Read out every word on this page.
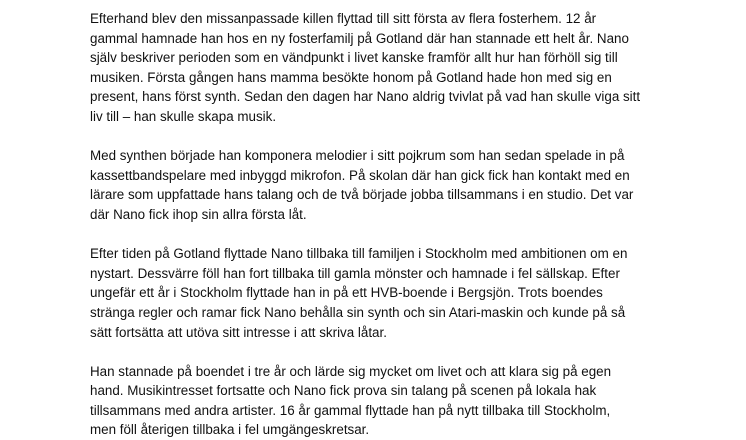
Efterhand blev den missanpassade killen flyttad till sitt första av flera fosterhem. 12 år
gammal hamnade han hos en ny fosterfamilj på Gotland där han stannade ett helt år. Nano
själv beskriver perioden som en vändpunkt i livet kanske framför allt hur han förhöll sig till
musiken. Första gången hans mamma besökte honom på Gotland hade hon med sig en
present, hans först synth. Sedan den dagen har Nano aldrig tvivlat på vad han skulle viga sitt
liv till – han skulle skapa musik.

Med synthen började han komponera melodier i sitt pojkrum som han sedan spelade in på
kassettbandspelare med inbyggd mikrofon. På skolan där han gick fick han kontakt med en
lärare som uppfattade hans talang och de två började jobba tillsammans i en studio. Det var
där Nano fick ihop sin allra första låt.

Efter tiden på Gotland flyttade Nano tillbaka till familjen i Stockholm med ambitionen om en
nystart. Dessvärre föll han fort tillbaka till gamla mönster och hamnade i fel sällskap. Efter
ungefär ett år i Stockholm flyttade han in på ett HVB-boende i Bergsjön. Trots boendes
stränga regler och ramar fick Nano behålla sin synth och sin Atari-maskin och kunde på så
sätt fortsätta att utöva sitt intresse i att skriva låtar.

Han stannade på boendet i tre år och lärde sig mycket om livet och att klara sig på egen
hand. Musikintresset fortsatte och Nano fick prova sin talang på scenen på lokala hak
tillsammans med andra artister. 16 år gammal flyttade han på nytt tillbaka till Stockholm,
men föll återigen tillbaka i fel umgängeskretsar.
